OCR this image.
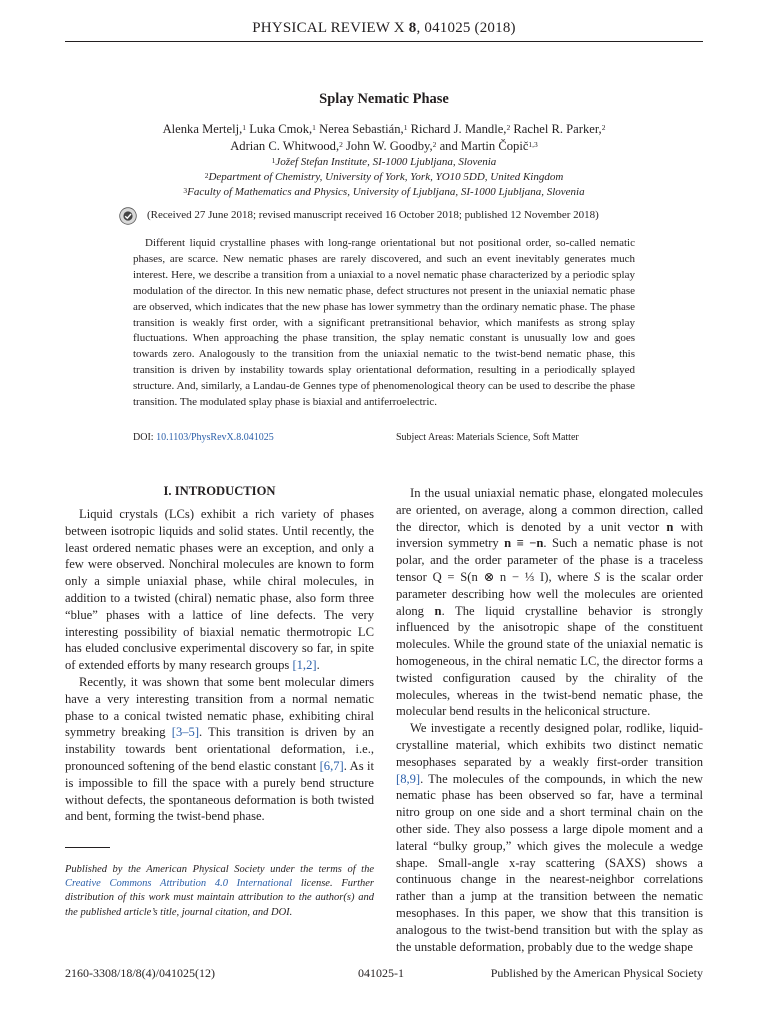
PHYSICAL REVIEW X 8, 041025 (2018)
Splay Nematic Phase
Alenka Mertelj,$^1$ Luka Cmok,$^1$ Nerea Sebastián,$^1$ Richard J. Mandle,$^2$ Rachel R. Parker,$^2$
Adrian C. Whitwood,$^2$ John W. Goodby,$^2$ and Martin Čopič$^{1,3}$
$^1$Jožef Stefan Institute, SI-1000 Ljubljana, Slovenia
$^2$Department of Chemistry, University of York, York, YO10 5DD, United Kingdom
$^3$Faculty of Mathematics and Physics, University of Ljubljana, SI-1000 Ljubljana, Slovenia
(Received 27 June 2018; revised manuscript received 16 October 2018; published 12 November 2018)
Different liquid crystalline phases with long-range orientational but not positional order, so-called nematic phases, are scarce. New nematic phases are rarely discovered, and such an event inevitably generates much interest. Here, we describe a transition from a uniaxial to a novel nematic phase characterized by a periodic splay modulation of the director. In this new nematic phase, defect structures not present in the uniaxial nematic phase are observed, which indicates that the new phase has lower symmetry than the ordinary nematic phase. The phase transition is weakly first order, with a significant pretransitional behavior, which manifests as strong splay fluctuations. When approaching the phase transition, the splay nematic constant is unusually low and goes towards zero. Analogously to the transition from the uniaxial nematic to the twist-bend nematic phase, this transition is driven by instability towards splay orientational deformation, resulting in a periodically splayed structure. And, similarly, a Landau-de Gennes type of phenomenological theory can be used to describe the phase transition. The modulated splay phase is biaxial and antiferroelectric.
DOI: 10.1103/PhysRevX.8.041025	Subject Areas: Materials Science, Soft Matter
I. INTRODUCTION

Liquid crystals (LCs) exhibit a rich variety of phases between isotropic liquids and solid states. Until recently, the least ordered nematic phases were an exception, and only a few were observed. Nonchiral molecules are known to form only a simple uniaxial phase, while chiral molecules, in addition to a twisted (chiral) nematic phase, also form three “blue” phases with a lattice of line defects. The very interesting possibility of biaxial nematic thermotropic LC has eluded conclusive experimental discovery so far, in spite of extended efforts by many research groups [1,2].

Recently, it was shown that some bent molecular dimers have a very interesting transition from a normal nematic phase to a conical twisted nematic phase, exhibiting chiral symmetry breaking [3–5]. This transition is driven by an instability towards bent orientational deformation, i.e., pronounced softening of the bend elastic constant [6,7]. As it is impossible to fill the space with a purely bend structure without defects, the spontaneous deformation is both twisted and bent, forming the twist-bend phase.

Published by the American Physical Society under the terms of the Creative Commons Attribution 4.0 International license. Further distribution of this work must maintain attribution to the author(s) and the published article’s title, journal citation, and DOI.

In the usual uniaxial nematic phase, elongated molecules are oriented, on average, along a common direction, called the director, which is denoted by a unit vector n with inversion symmetry n ≡ −n. Such a nematic phase is not polar, and the order parameter of the phase is a traceless tensor Q = S(n ⊗ n − ⅓ I), where S is the scalar order parameter describing how well the molecules are oriented along n. The liquid crystalline behavior is strongly influenced by the anisotropic shape of the constituent molecules. While the ground state of the uniaxial nematic is homogeneous, in the chiral nematic LC, the director forms a twisted configuration caused by the chirality of the molecules, whereas in the twist-bend nematic phase, the molecular bend results in the heliconical structure.

We investigate a recently designed polar, rodlike, liquid-crystalline material, which exhibits two distinct nematic mesophases separated by a weakly first-order transition [8,9]. The molecules of the compounds, in which the new nematic phase has been observed so far, have a terminal nitro group on one side and a short terminal chain on the other side. They also possess a large dipole moment and a lateral “bulky group,” which gives the molecule a wedge shape. Small-angle x-ray scattering (SAXS) shows a continuous change in the nearest-neighbor correlations rather than a jump at the transition between the nematic mesophases. In this paper, we show that this transition is analogous to the twist-bend transition but with the splay as the unstable deformation, probably due to the wedge shape

2160-3308/18/8(4)/041025(12)	041025-1	Published by the American Physical Society
